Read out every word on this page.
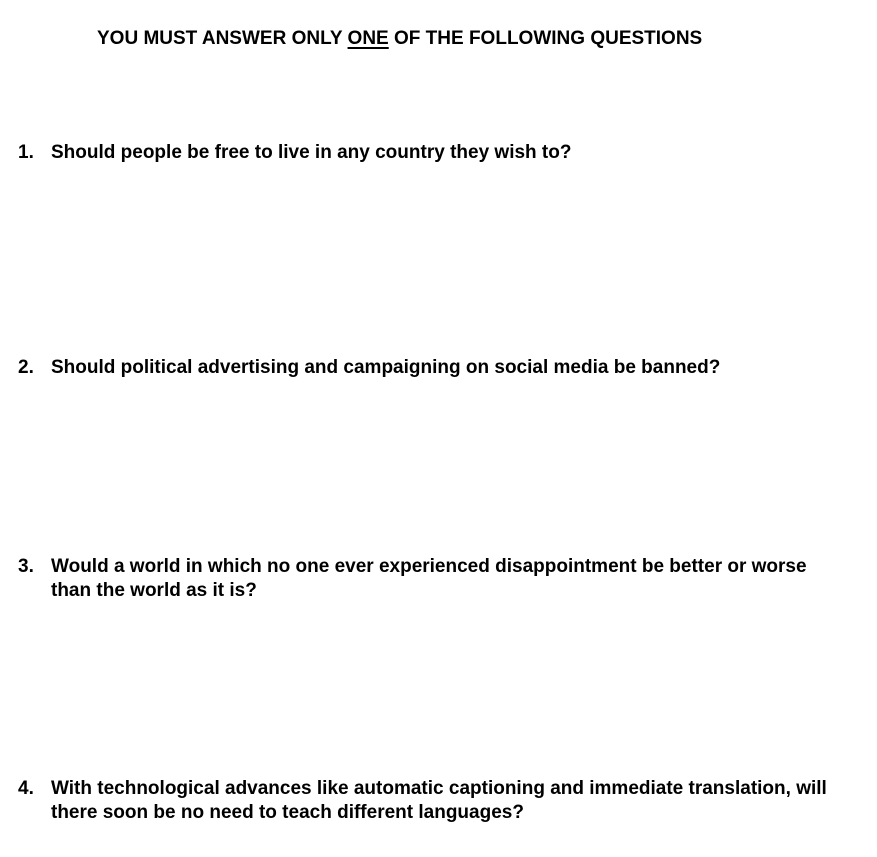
YOU MUST ANSWER ONLY ONE OF THE FOLLOWING QUESTIONS
1. Should people be free to live in any country they wish to?
2. Should political advertising and campaigning on social media be banned?
3. Would a world in which no one ever experienced disappointment be better or worse
than the world as it is?
4. With technological advances like automatic captioning and immediate translation, will
there soon be no need to teach different languages?
